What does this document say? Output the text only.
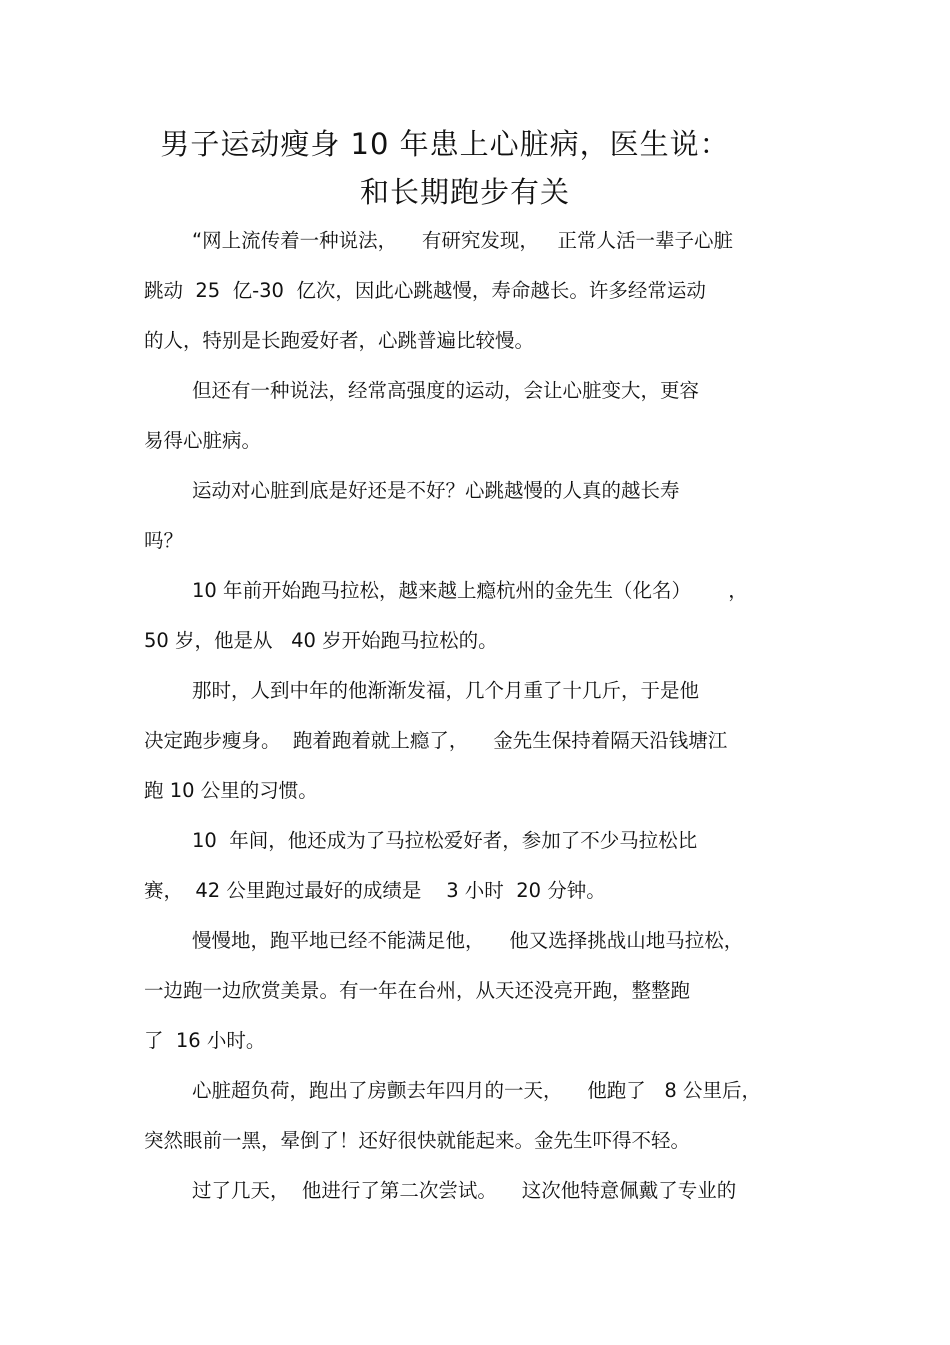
男子运动瘦身 10 年患上心脏病，医生说：
和长期跑步有关
“网上流传着一种说法，    有研究发现，   正常人活一辈子心脏
跳动  25  亿-30  亿次，因此心跳越慢，寿命越长。许多经常运动
的人，特别是长跑爱好者，心跳普遍比较慢。
但还有一种说法，经常高强度的运动，会让心脏变大，更容
易得心脏病。
运动对心脏到底是好还是不好？心跳越慢的人真的越长寿
吗？
10 年前开始跑马拉松，越来越上瘾杭州的金先生（化名）      ，
50 岁，他是从   40 岁开始跑马拉松的。
那时，人到中年的他渐渐发福，几个月重了十几斤，于是他
决定跑步瘦身。  跑着跑着就上瘾了，    金先生保持着隔天沿钱塘江
跑 10 公里的习惯。
10  年间，他还成为了马拉松爱好者，参加了不少马拉松比
赛，  42 公里跑过最好的成绩是    3 小时  20 分钟。
慢慢地，跑平地已经不能满足他，    他又选择挑战山地马拉松，
一边跑一边欣赏美景。有一年在台州，从天还没亮开跑，整整跑
了  16 小时。
心脏超负荷，跑出了房颤去年四月的一天，    他跑了   8 公里后，
突然眼前一黑，晕倒了！还好很快就能起来。金先生吓得不轻。
过了几天，  他进行了第二次尝试。    这次他特意佩戴了专业的
